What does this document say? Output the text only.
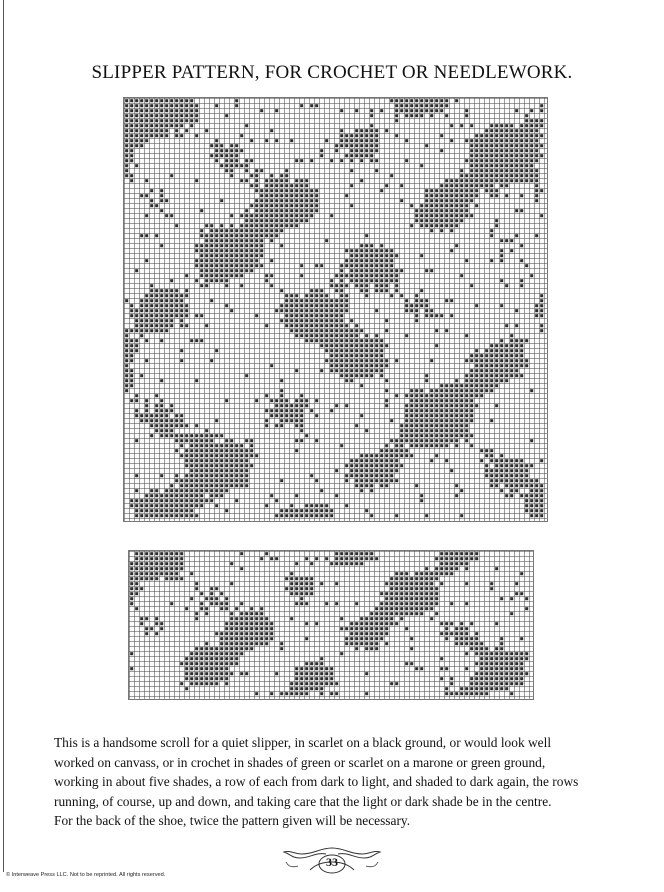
SLIPPER PATTERN, FOR CROCHET OR NEEDLEWORK.
This is a handsome scroll for a quiet slipper, in scarlet on a black ground, or would look well
worked on canvass, or in crochet in shades of green or scarlet on a marone or green ground,
working in about five shades, a row of each from dark to light, and shaded to dark again, the rows
running, of course, up and down, and taking care that the light or dark shade be in the centre.
For the back of the shoe, twice the pattern given will be necessary.
33
© Interweave Press LLC. Not to be reprinted. All rights reserved.
